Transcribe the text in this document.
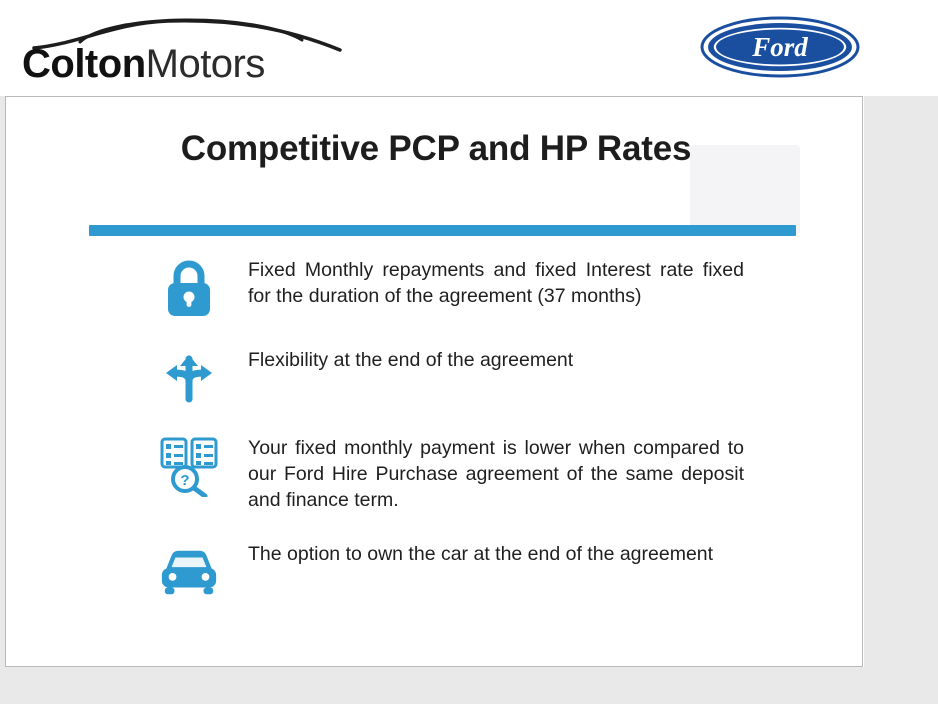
ColtonMotors	Ford
Competitive PCP and HP Rates
Fixed Monthly repayments and fixed Interest rate fixed for the duration of the agreement (37 months)
Flexibility at the end of the agreement
?
Your fixed monthly payment is lower when compared to our Ford Hire Purchase agreement of the same deposit and finance term.
The option to own the car at the end of the agreement
